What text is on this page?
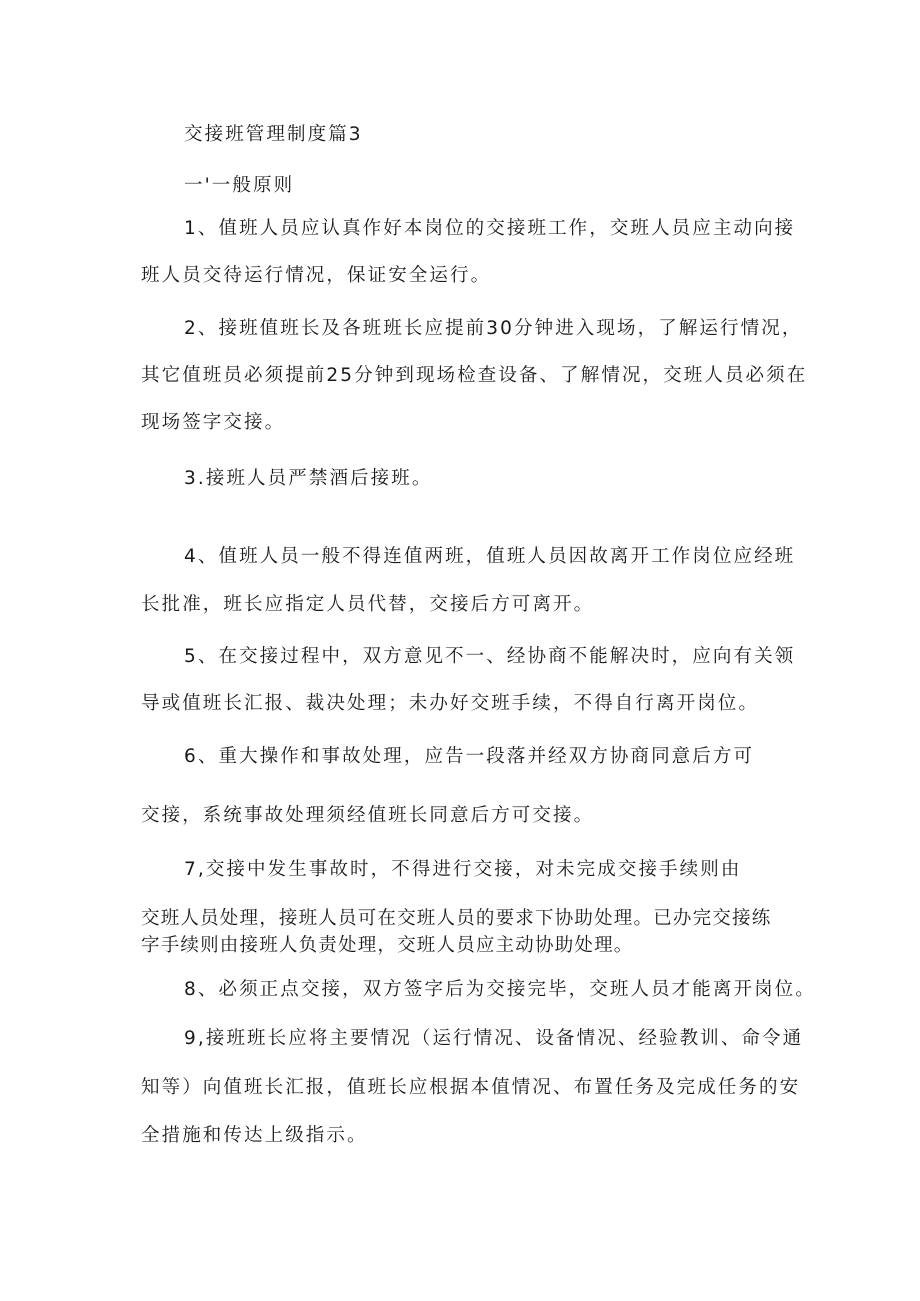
交接班管理制度篇3

一'一般原则

1、值班人员应认真作好本岗位的交接班工作，交班人员应主动向接

班人员交待运行情况，保证安全运行。

2、接班值班长及各班班长应提前30分钟进入现场，了解运行情况，

其它值班员必须提前25分钟到现场检查设备、了解情况，交班人员必须在

现场签字交接。

3.接班人员严禁酒后接班。

4、值班人员一般不得连值两班，值班人员因故离开工作岗位应经班

长批准，班长应指定人员代替，交接后方可离开。

5、在交接过程中，双方意见不一、经协商不能解决时，应向有关领

导或值班长汇报、裁决处理；未办好交班手续，不得自行离开岗位。

6、重大操作和事故处理，应告一段落并经双方协商同意后方可

交接，系统事故处理须经值班长同意后方可交接。

7,交接中发生事故时，不得进行交接，对未完成交接手续则由

交班人员处理，接班人员可在交班人员的要求下协助处理。已办完交接练

字手续则由接班人负责处理，交班人员应主动协助处理。

8、必须正点交接，双方签字后为交接完毕，交班人员才能离开岗位。

9,接班班长应将主要情况（运行情况、设备情况、经验教训、命令通

知等）向值班长汇报，值班长应根据本值情况、布置任务及完成任务的安

全措施和传达上级指示。
